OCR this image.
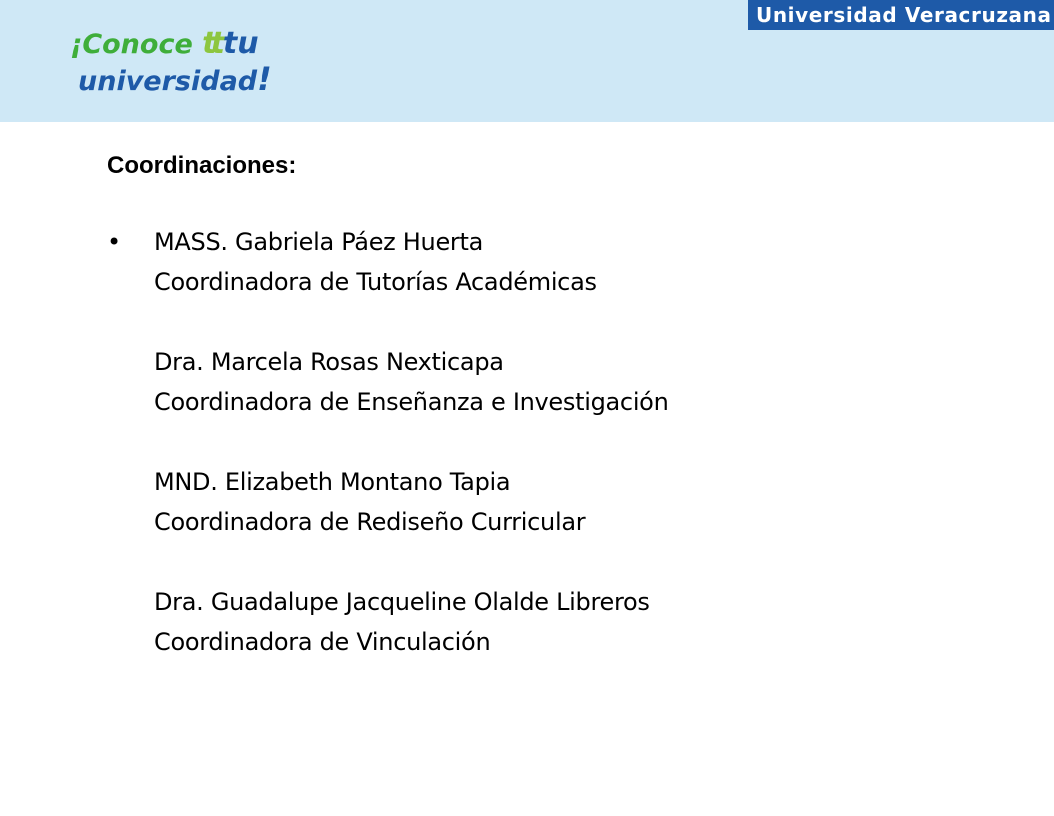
Universidad Veracruzana
¡Conoce tt tu
universidad!
Coordinaciones:
•	MASS. Gabriela Páez Huerta
Coordinadora de Tutorías Académicas
Dra. Marcela Rosas Nexticapa
Coordinadora de Enseñanza e Investigación
MND. Elizabeth Montano Tapia
Coordinadora de Rediseño Curricular
Dra. Guadalupe Jacqueline Olalde Libreros
Coordinadora de Vinculación
